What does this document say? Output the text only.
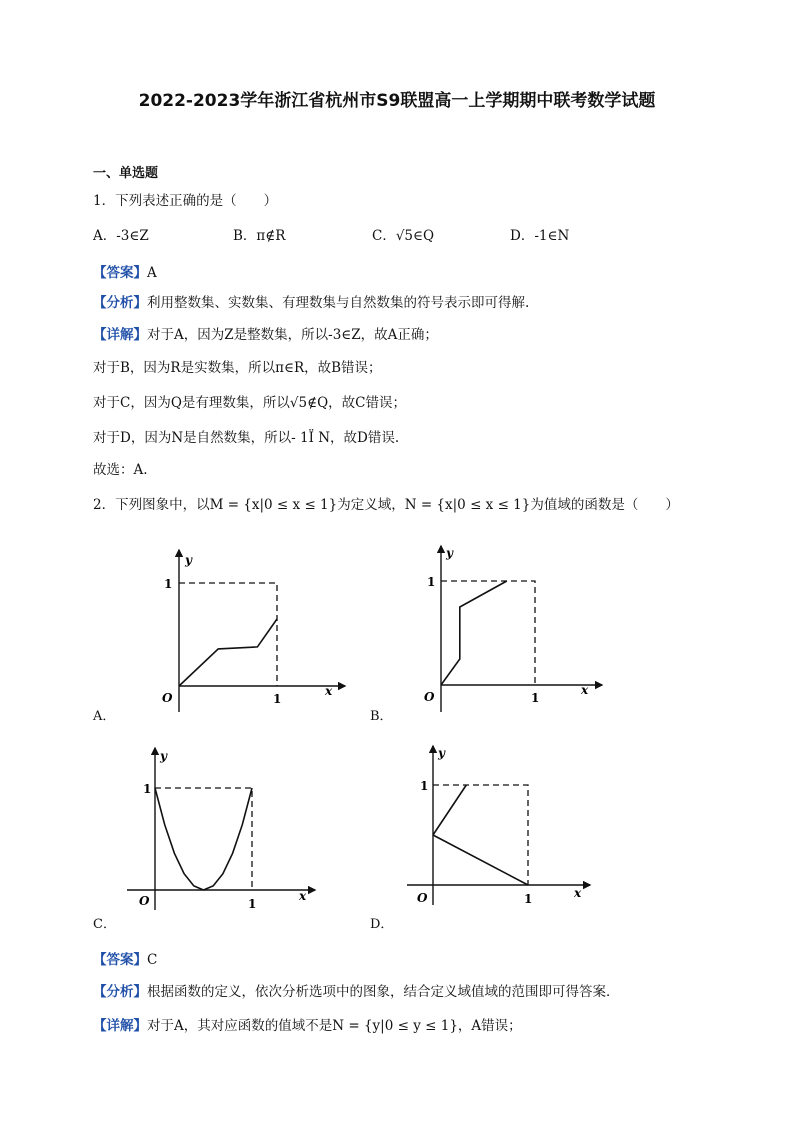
2022-2023学年浙江省杭州市S9联盟高一上学期期中联考数学试题
一、单选题
1．下列表述正确的是（　　）
A．-3∈Z	B．π∉R	C．√5∈Q	D．-1∈N
【答案】A
【分析】利用整数集、实数集、有理数集与自然数集的符号表示即可得解.
【详解】对于A，因为Z是整数集，所以-3∈Z，故A正确；
对于B，因为R是实数集，所以π∈R，故B错误；
对于C，因为Q是有理数集，所以√5∉Q，故C错误；
对于D，因为N是自然数集，所以- 1Ï N，故D错误.
故选：A.
2．下列图象中，以M = {x|0 ≤ x ≤ 1}为定义域，N = {x|0 ≤ x ≤ 1}为值域的函数是（　　）
y
x
O
1
1
A．
y
x
O
1
1
B．
y
x
O
1
1
C．
y
x
O
1
1
D．
【答案】C
【分析】根据函数的定义，依次分析选项中的图象，结合定义域值域的范围即可得答案．
【详解】对于A，其对应函数的值域不是N = {y|0 ≤ y ≤ 1}，A错误；
